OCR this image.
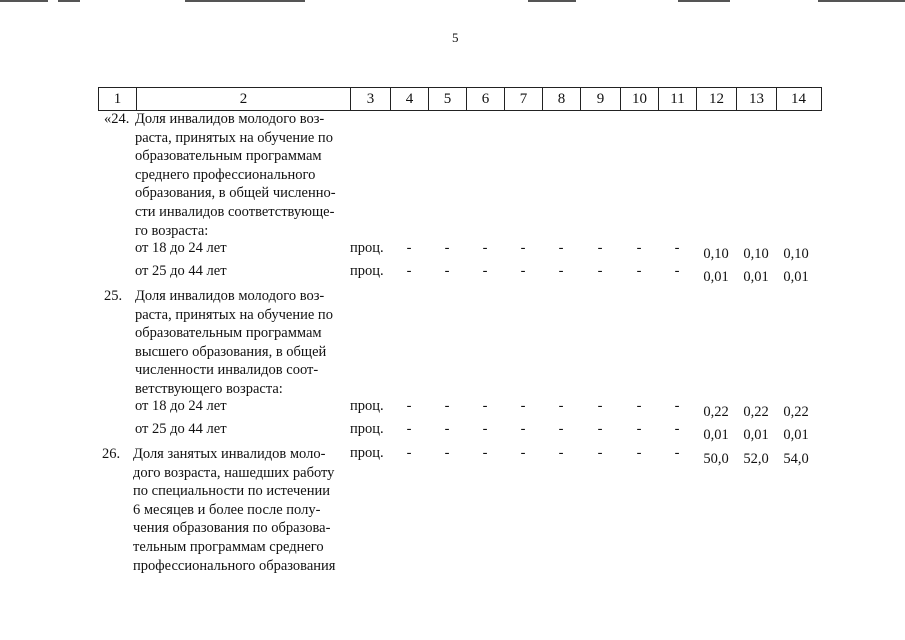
5
1	2	3	4	5	6	7	8	9	10	11	12	13	14
«24. Доля инвалидов молодого воз-
раста, принятых на обучение по
образовательным программам
среднего профессионального
образования, в общей численно-
сти инвалидов соответствующе-
го возраста:
от 18 до 24 лет	проц.	-	-	-	-	-	-	-	-	0,10	0,10	0,10
от 25 до 44 лет	проц.	-	-	-	-	-	-	-	-	0,01	0,01	0,01
25. Доля инвалидов молодого воз-
раста, принятых на обучение по
образовательным программам
высшего образования, в общей
численности инвалидов соот-
ветствующего возраста:
от 18 до 24 лет	проц.	-	-	-	-	-	-	-	-	0,22	0,22	0,22
от 25 до 44 лет	проц.	-	-	-	-	-	-	-	-	0,01	0,01	0,01
26. Доля занятых инвалидов моло-
дого возраста, нашедших работу
по специальности по истечении
6 месяцев и более после полу-
чения образования по образова-
тельным программам среднего
профессионального образования
проц.	-	-	-	-	-	-	-	-	50,0	52,0	54,0
